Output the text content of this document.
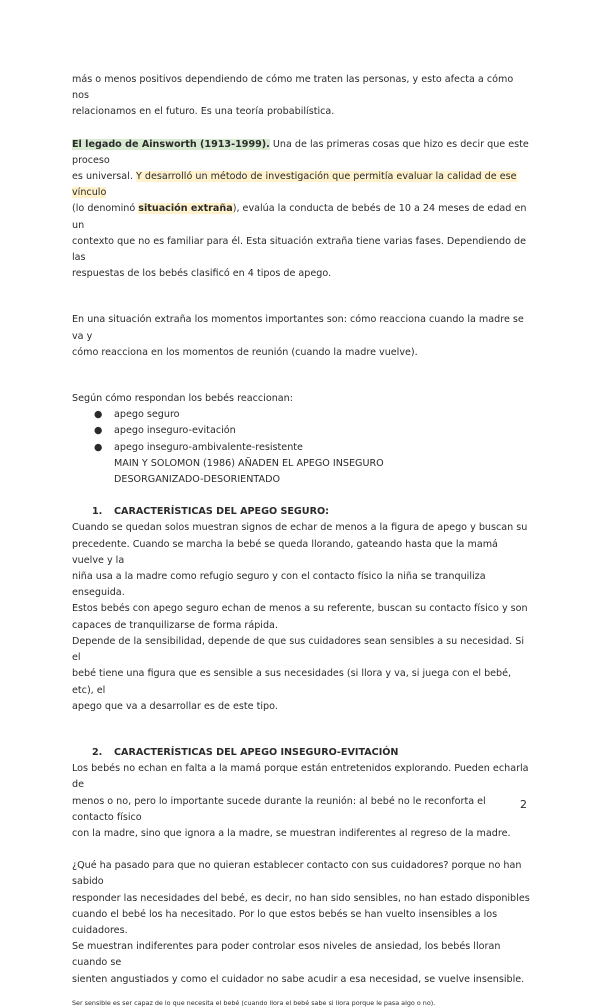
más o menos positivos dependiendo de cómo me traten las personas, y esto afecta a cómo nos

relacionamos en el futuro. Es una teoría probabilística.

El legado de Ainsworth (1913-1999). Una de las primeras cosas que hizo es decir que este proceso

es universal. Y desarrolló un método de investigación que permitía evaluar la calidad de ese vínculo

(lo denominó situación extraña), evalúa la conducta de bebés de 10 a 24 meses de edad en un

contexto que no es familiar para él. Esta situación extraña tiene varias fases. Dependiendo de las

respuestas de los bebés clasificó en 4 tipos de apego.

En una situación extraña los momentos importantes son: cómo reacciona cuando la madre se va y

cómo reacciona en los momentos de reunión (cuando la madre vuelve).

Según cómo respondan los bebés reaccionan:

● apego seguro
● apego inseguro-evitación
● apego inseguro-ambivalente-resistente

MAIN Y SOLOMON (1986) AÑADEN EL APEGO INSEGURO

DESORGANIZADO-DESORIENTADO

1. CARACTERÍSTICAS DEL APEGO SEGURO:

Cuando se quedan solos muestran signos de echar de menos a la figura de apego y buscan su

precedente. Cuando se marcha la bebé se queda llorando, gateando hasta que la mamá vuelve y la

niña usa a la madre como refugio seguro y con el contacto físico la niña se tranquiliza enseguida.

Estos bebés con apego seguro echan de menos a su referente, buscan su contacto físico y son

capaces de tranquilizarse de forma rápida.

Depende de la sensibilidad, depende de que sus cuidadores sean sensibles a su necesidad. Si el

bebé tiene una figura que es sensible a sus necesidades (si llora y va, si juega con el bebé, etc), el

apego que va a desarrollar es de este tipo.

2. CARACTERÍSTICAS DEL APEGO INSEGURO-EVITACIÓN

Los bebés no echan en falta a la mamá porque están entretenidos explorando. Pueden echarla de

menos o no, pero lo importante sucede durante la reunión: al bebé no le reconforta el contacto físico

con la madre, sino que ignora a la madre, se muestran indiferentes al regreso de la madre.

¿Qué ha pasado para que no quieran establecer contacto con sus cuidadores? porque no han sabido

responder las necesidades del bebé, es decir, no han sido sensibles, no han estado disponibles

cuando el bebé los ha necesitado. Por lo que estos bebés se han vuelto insensibles a los cuidadores.

Se muestran indiferentes para poder controlar esos niveles de ansiedad, los bebés lloran cuando se

sienten angustiados y como el cuidador no sabe acudir a esa necesidad, se vuelve insensible.

Ser sensible es ser capaz de lo que necesita el bebé (cuando llora el bebé sabe si llora porque le pasa algo o no).

2
